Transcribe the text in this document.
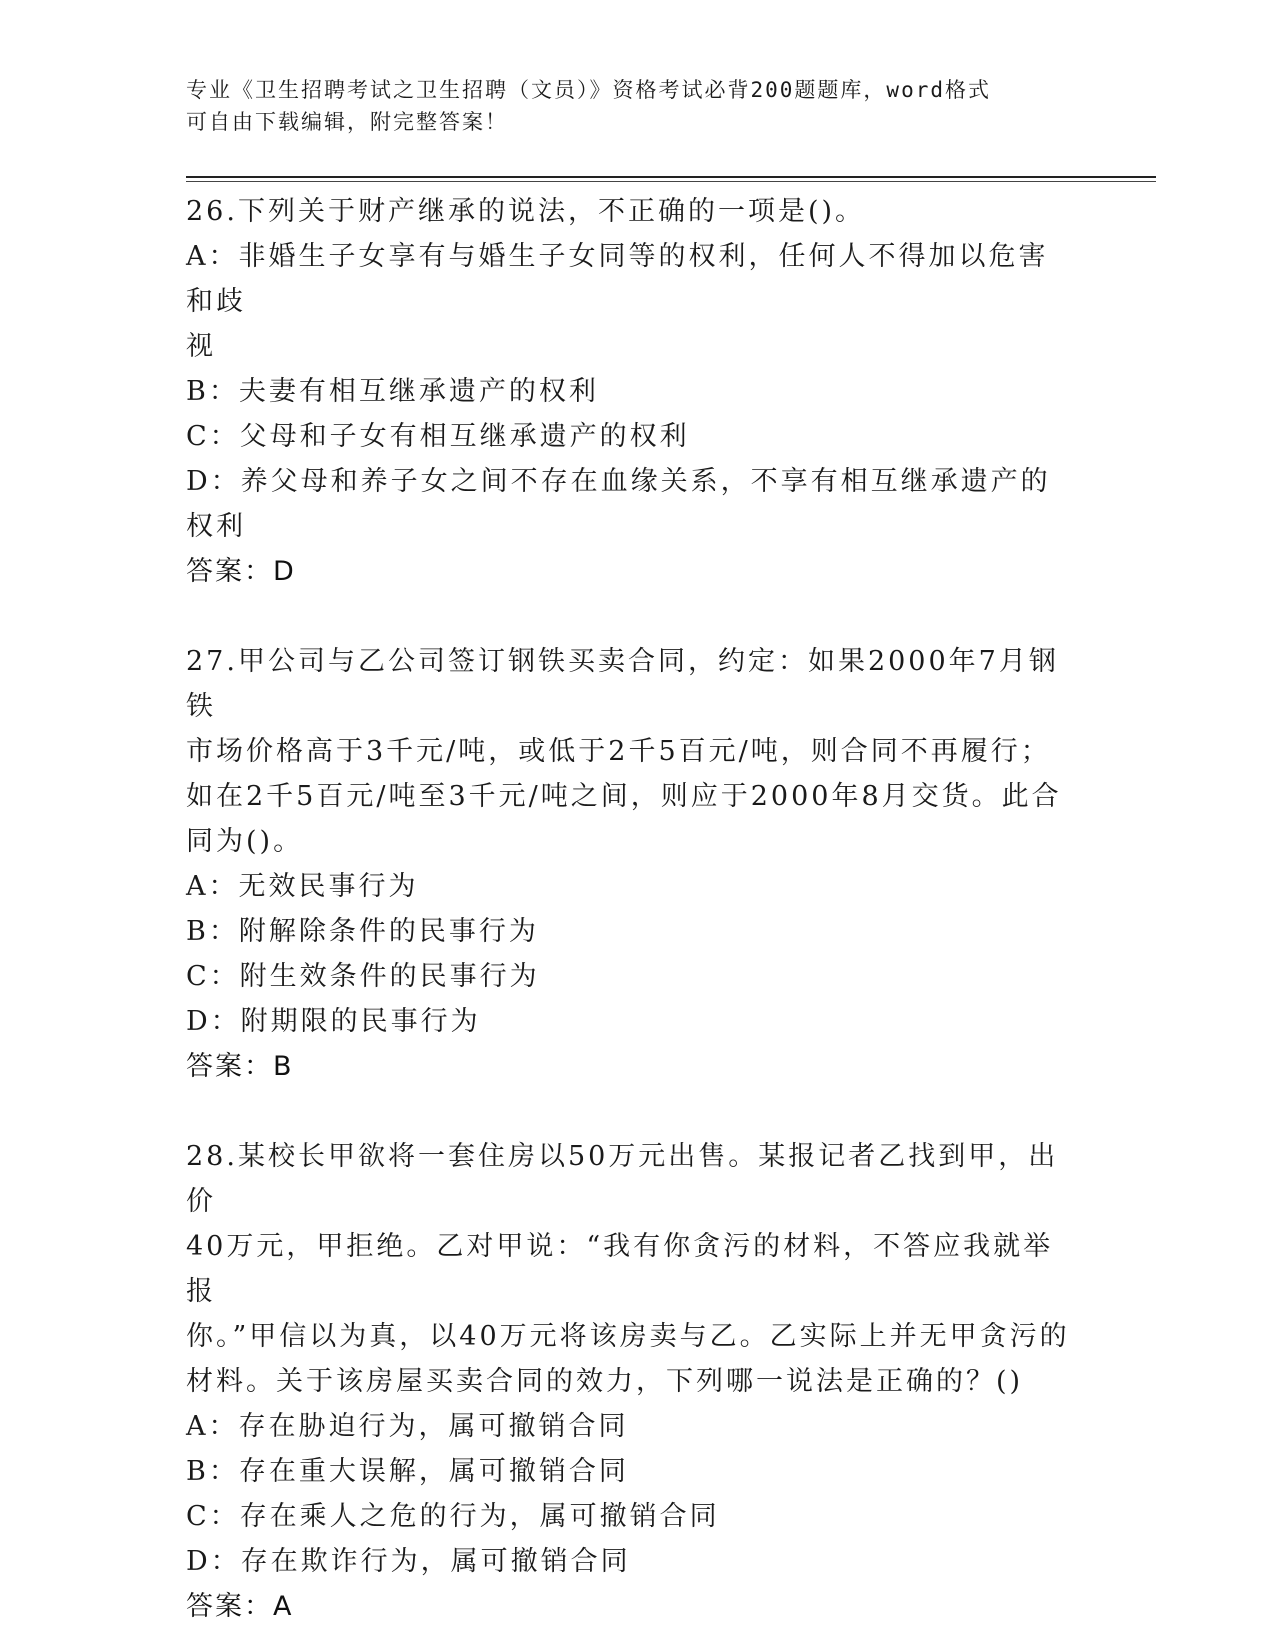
专业《卫生招聘考试之卫生招聘（文员）》资格考试必背200题题库，word格式
可自由下载编辑，附完整答案！

26.下列关于财产继承的说法，不正确的一项是()。

A：非婚生子女享有与婚生子女同等的权利，任何人不得加以危害和歧

视

B：夫妻有相互继承遗产的权利

C：父母和子女有相互继承遗产的权利

D：养父母和养子女之间不存在血缘关系，不享有相互继承遗产的权利

答案：D

27.甲公司与乙公司签订钢铁买卖合同，约定：如果2000年7月钢铁

市场价格高于3千元/吨，或低于2千5百元/吨，则合同不再履行；

如在2千5百元/吨至3千元/吨之间，则应于2000年8月交货。此合

同为()。

A：无效民事行为

B：附解除条件的民事行为

C：附生效条件的民事行为

D：附期限的民事行为

答案：B

28.某校长甲欲将一套住房以50万元出售。某报记者乙找到甲，出价

40万元，甲拒绝。乙对甲说：“我有你贪污的材料，不答应我就举报

你。”甲信以为真，以40万元将该房卖与乙。乙实际上并无甲贪污的

材料。关于该房屋买卖合同的效力，下列哪一说法是正确的？()

A：存在胁迫行为，属可撤销合同

B：存在重大误解，属可撤销合同

C：存在乘人之危的行为，属可撤销合同

D：存在欺诈行为，属可撤销合同

答案：A
